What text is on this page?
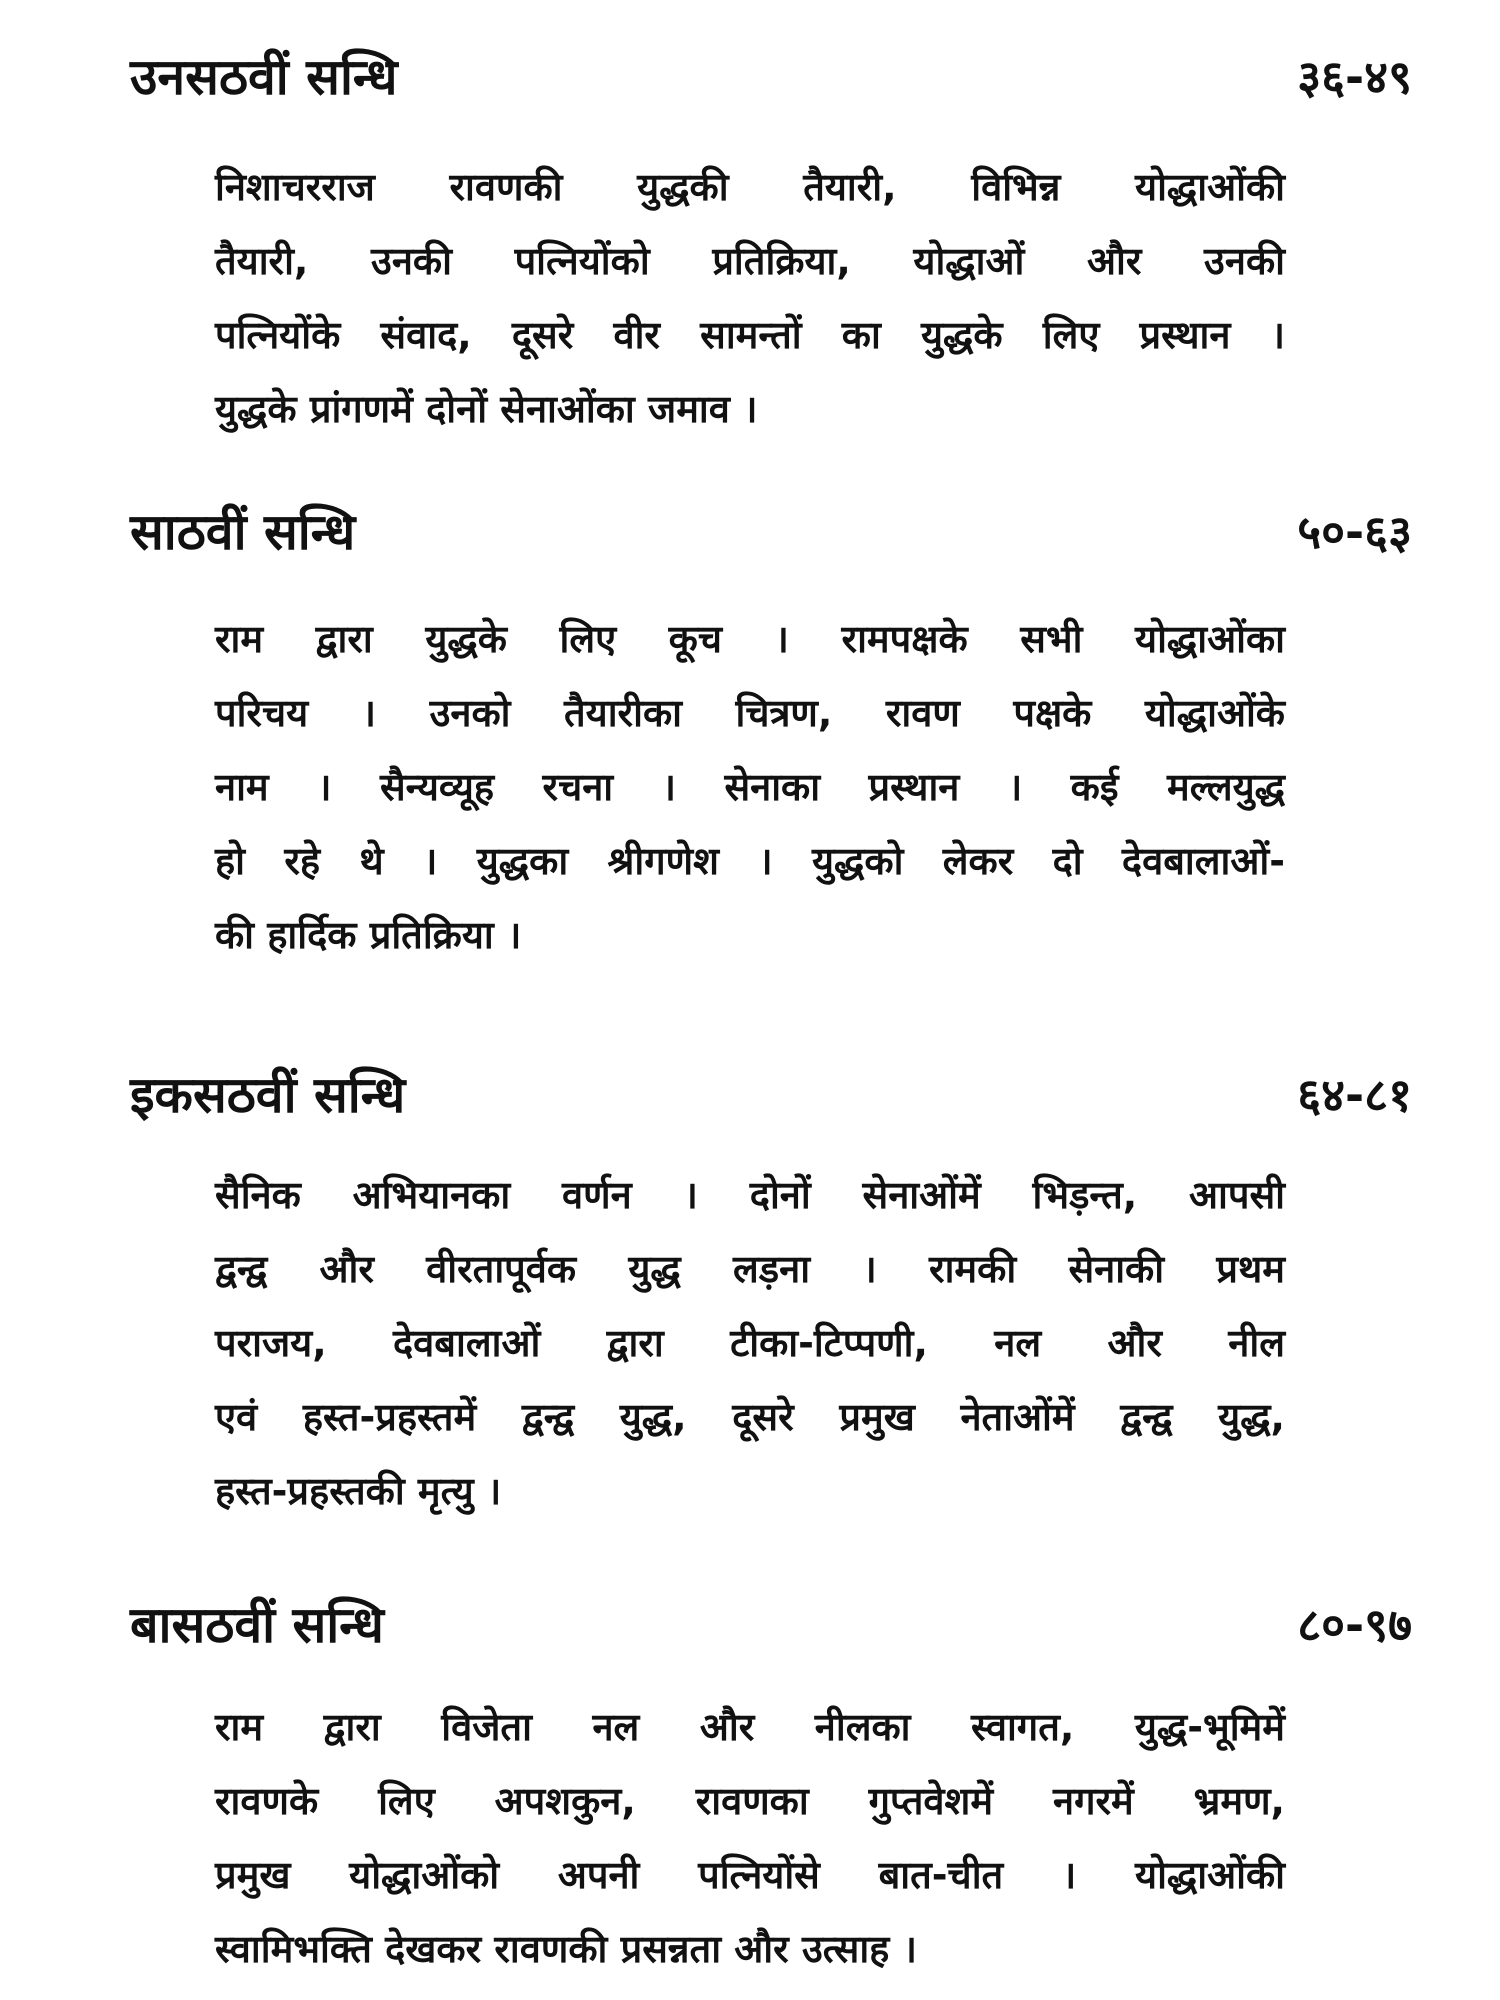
उनसठवीं सन्धि	३६-४९

निशाचरराज रावणकी युद्धकी तैयारी, विभिन्न योद्धाओंकी
तैयारी, उनकी पत्नियोंको प्रतिक्रिया, योद्धाओं और उनकी
पत्नियोंके संवाद, दूसरे वीर सामन्तों का युद्धके लिए प्रस्थान ।
युद्धके प्रांगणमें दोनों सेनाओंका जमाव ।

साठवीं सन्धि	५०-६३

राम द्वारा युद्धके लिए कूच । रामपक्षके सभी योद्धाओंका
परिचय । उनको तैयारीका चित्रण, रावण पक्षके योद्धाओंके
नाम । सैन्यव्यूह रचना । सेनाका प्रस्थान । कई मल्लयुद्ध
हो रहे थे । युद्धका श्रीगणेश । युद्धको लेकर दो देवबालाओं-
की हार्दिक प्रतिक्रिया ।

इकसठवीं सन्धि	६४-८१

सैनिक अभियानका वर्णन । दोनों सेनाओंमें भिड़न्त, आपसी
द्वन्द्व और वीरतापूर्वक युद्ध लड़ना । रामकी सेनाकी प्रथम
पराजय, देवबालाओं द्वारा टीका-टिप्पणी, नल और नील
एवं हस्त-प्रहस्तमें द्वन्द्व युद्ध, दूसरे प्रमुख नेताओंमें द्वन्द्व युद्ध,
हस्त-प्रहस्तकी मृत्यु ।

बासठवीं सन्धि	८०-९७

राम द्वारा विजेता नल और नीलका स्वागत, युद्ध-भूमिमें
रावणके लिए अपशकुन, रावणका गुप्तवेशमें नगरमें भ्रमण,
प्रमुख योद्धाओंको अपनी पत्नियोंसे बात-चीत । योद्धाओंकी
स्वामिभक्ति देखकर रावणकी प्रसन्नता और उत्साह ।
